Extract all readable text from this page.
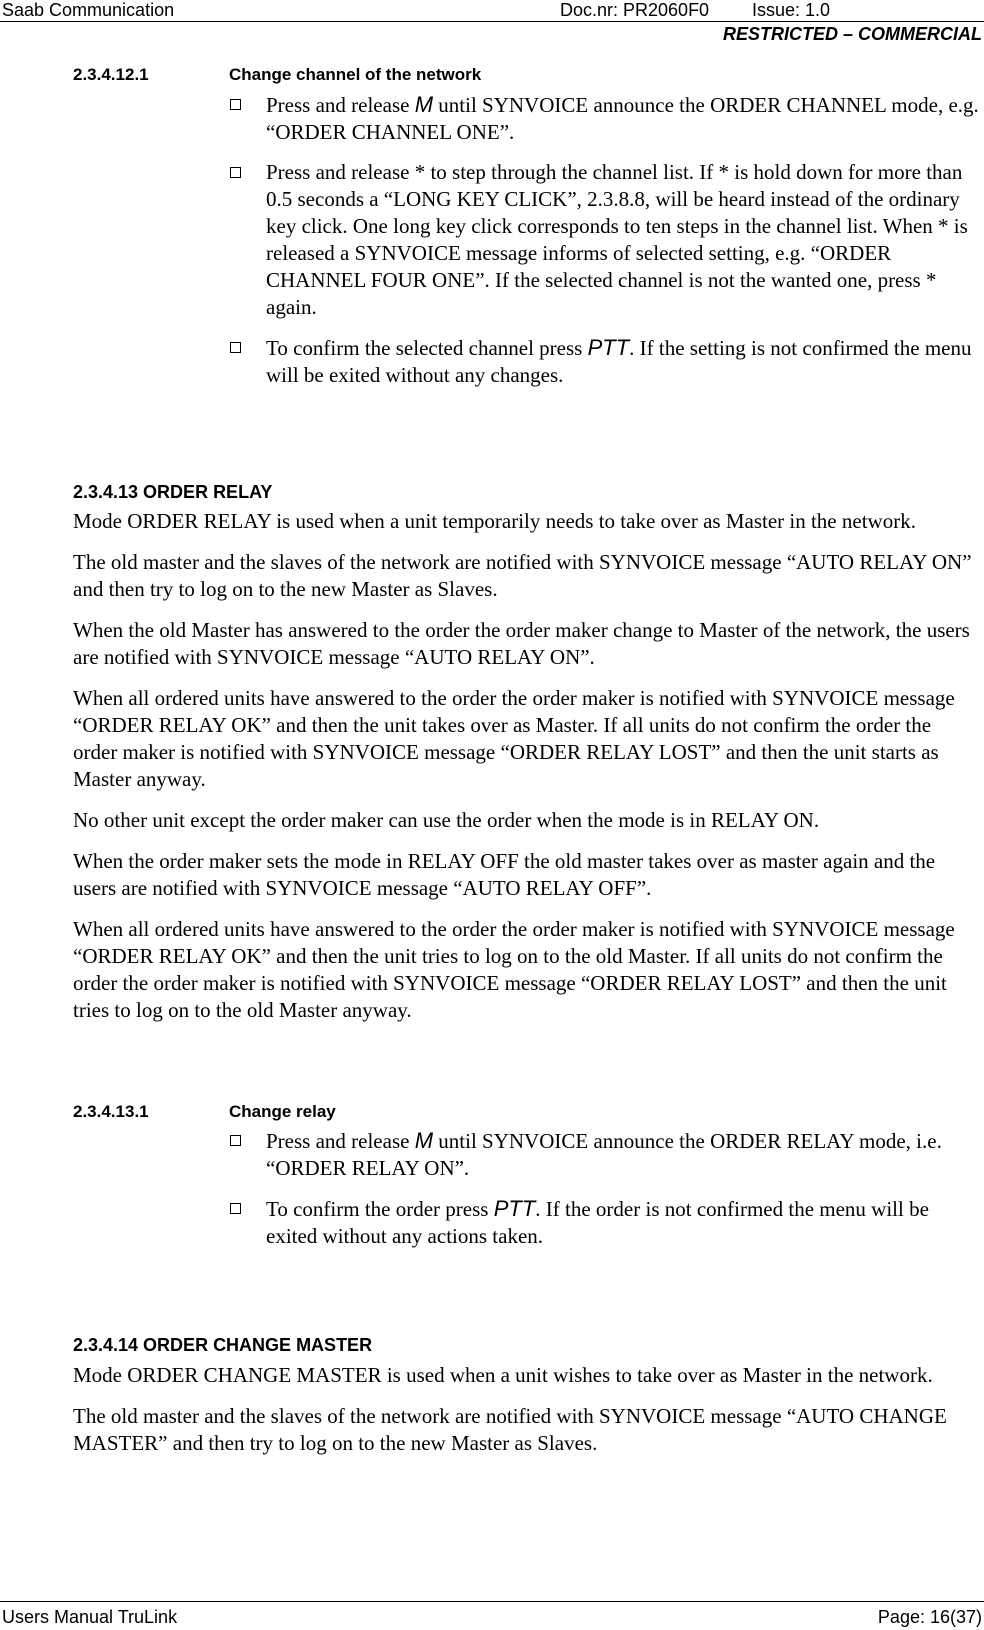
Saab Communication	Doc.nr: PR2060F0 Issue: 1.0
RESTRICTED – COMMERCIAL
2.3.4.12.1	Change channel of the network
Press and release M until SYNVOICE announce the ORDER CHANNEL mode, e.g. “ORDER CHANNEL ONE”.
Press and release * to step through the channel list. If * is hold down for more than 0.5 seconds a “LONG KEY CLICK”, 2.3.8.8, will be heard instead of the ordinary key click. One long key click corresponds to ten steps in the channel list. When * is released a SYNVOICE message informs of selected setting, e.g. “ORDER CHANNEL FOUR ONE”. If the selected channel is not the wanted one, press * again.
To confirm the selected channel press PTT. If the setting is not confirmed the menu will be exited without any changes.
2.3.4.13 ORDER RELAY

Mode ORDER RELAY is used when a unit temporarily needs to take over as Master in the network.

The old master and the slaves of the network are notified with SYNVOICE message “AUTO RELAY ON” and then try to log on to the new Master as Slaves.

When the old Master has answered to the order the order maker change to Master of the network, the users are notified with SYNVOICE message “AUTO RELAY ON”.

When all ordered units have answered to the order the order maker is notified with SYNVOICE message “ORDER RELAY OK” and then the unit takes over as Master. If all units do not confirm the order the order maker is notified with SYNVOICE message “ORDER RELAY LOST” and then the unit starts as Master anyway.

No other unit except the order maker can use the order when the mode is in RELAY ON.

When the order maker sets the mode in RELAY OFF the old master takes over as master again and the users are notified with SYNVOICE message “AUTO RELAY OFF”.

When all ordered units have answered to the order the order maker is notified with SYNVOICE message “ORDER RELAY OK” and then the unit tries to log on to the old Master. If all units do not confirm the order the order maker is notified with SYNVOICE message “ORDER RELAY LOST” and then the unit tries to log on to the old Master anyway.

2.3.4.13.1	Change relay
Press and release M until SYNVOICE announce the ORDER RELAY mode, i.e. “ORDER RELAY ON”.
To confirm the order press PTT. If the order is not confirmed the menu will be exited without any actions taken.
2.3.4.14 ORDER CHANGE MASTER

Mode ORDER CHANGE MASTER is used when a unit wishes to take over as Master in the network.

The old master and the slaves of the network are notified with SYNVOICE message “AUTO CHANGE MASTER” and then try to log on to the new Master as Slaves.

Users Manual TruLink	Page: 16(37)
